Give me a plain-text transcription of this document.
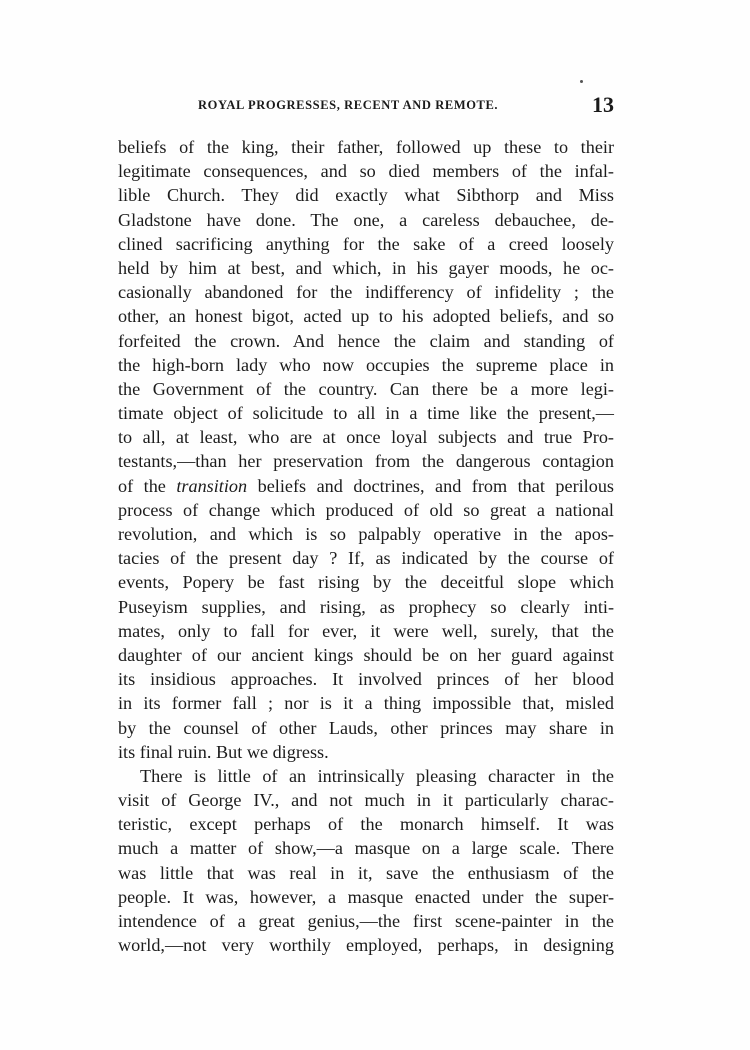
ROYAL PROGRESSES, RECENT AND REMOTE.	13
beliefs of the king, their father, followed up these to their
legitimate consequences, and so died members of the infal-
lible Church. They did exactly what Sibthorp and Miss
Gladstone have done. The one, a careless debauchee, de-
clined sacrificing anything for the sake of a creed loosely
held by him at best, and which, in his gayer moods, he oc-
casionally abandoned for the indifferency of infidelity ; the
other, an honest bigot, acted up to his adopted beliefs, and so
forfeited the crown. And hence the claim and standing of
the high-born lady who now occupies the supreme place in
the Government of the country. Can there be a more legi-
timate object of solicitude to all in a time like the present,—
to all, at least, who are at once loyal subjects and true Pro-
testants,—than her preservation from the dangerous contagion
of the transition beliefs and doctrines, and from that perilous
process of change which produced of old so great a national
revolution, and which is so palpably operative in the apos-
tacies of the present day ? If, as indicated by the course of
events, Popery be fast rising by the deceitful slope which
Puseyism supplies, and rising, as prophecy so clearly inti-
mates, only to fall for ever, it were well, surely, that the
daughter of our ancient kings should be on her guard against
its insidious approaches. It involved princes of her blood
in its former fall ; nor is it a thing impossible that, misled
by the counsel of other Lauds, other princes may share in
its final ruin. But we digress.
There is little of an intrinsically pleasing character in the
visit of George IV., and not much in it particularly charac-
teristic, except perhaps of the monarch himself. It was
much a matter of show,—a masque on a large scale. There
was little that was real in it, save the enthusiasm of the
people. It was, however, a masque enacted under the super-
intendence of a great genius,—the first scene-painter in the
world,—not very worthily employed, perhaps, in designing
